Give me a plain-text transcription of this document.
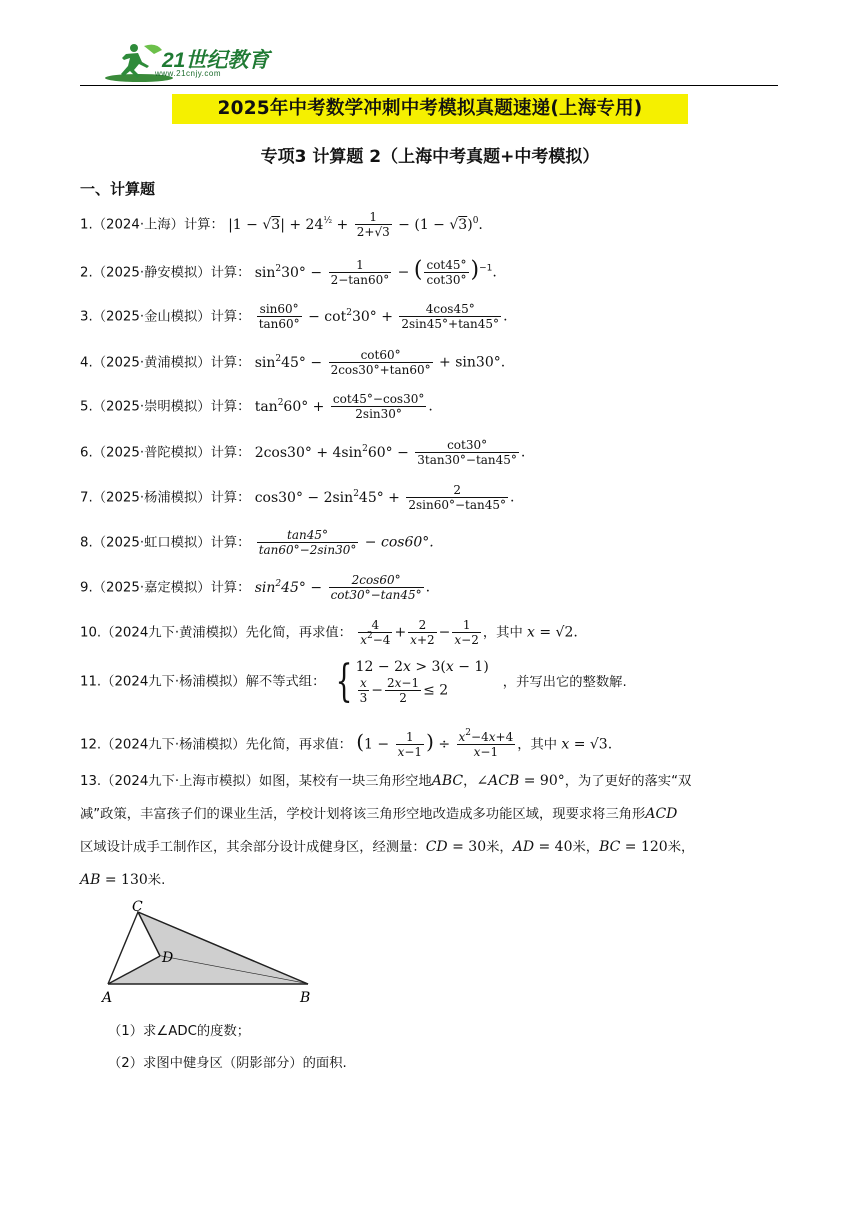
21世纪教育
www.21cnjy.com
2025年中考数学冲刺中考模拟真题速递(上海专用)
专项3 计算题 2（上海中考真题+中考模拟）
一、计算题
1.（2024·上海）计算： $|1 - √3| + 24^{\frac{1}{2}} + \frac{1}{2+√3} - (1 - √3)^0$.
2.（2025·静安模拟）计算： $\sin^230^\circ - \frac{1}{2-\tan 60^\circ}$ − ( $\frac{\cot 45^\circ}{\cot 30^\circ} )^{-1}$.
3.（2025·金山模拟）计算： $\frac{\sin 60^\circ}{\tan 60^\circ} - \cot^230^\circ + \frac{4\cos 45^\circ}{2\sin 45^\circ+\tan 45^\circ}$ .
4.（2025·黄浦模拟）计算： $\sin^245^\circ - \frac{\cot 60^\circ}{2\cos 30^\circ+\tan 60^\circ} + \sin 30^\circ$.
5.（2025·崇明模拟）计算： $\tan^260^\circ + \frac{\cot 45^\circ-\cos 30^\circ}{2\sin 30^\circ}$ .
6.（2025·普陀模拟）计算： $2\cos 30^\circ + 4\sin^260^\circ - \frac{\cot 30^\circ}{3\tan 30^\circ-\tan 45^\circ}$ .
7.（2025·杨浦模拟）计算： $\cos 30^\circ - 2\sin^245^\circ + \frac{2}{2\sin 60^\circ-\tan 45^\circ}$ .
8.（2025·虹口模拟）计算： $\frac{\tan 45^\circ}{\tan 60^\circ-2\sin 30^\circ} - \cos 60^\circ$.
9.（2025·嘉定模拟）计算： $\sin^245^\circ - \frac{2\cos 60^\circ}{\cot 30^\circ-\tan 45^\circ}$ .
10.（2024九下·黄浦模拟）先化简，再求值： $\frac{4}{x^2-4} + \frac{2}{x+2} - \frac{1}{x-2}$ ，其中 x = √2.
11.（2024九下·杨浦模拟）解不等式组： { 12 − 2x > 3(x − 1)
$\frac{x}{3} - \frac{2x-1}{2} \le 2$
，并写出它的整数解.
12.（2024九下·杨浦模拟）先化简，再求值： ($1 - \frac{1}{x-1}$ ) ÷ $\frac{x^2-4x+4}{x-1}$ ，其中 x = √3.
13.（2024九下·上海市模拟）如图，某校有一块三角形空地ABC，∠ACB = 90°，为了更好的落实“双
减”政策，丰富孩子们的课业生活，学校计划将该三角形空地改造成多功能区域，现要求将三角形ACD
区域设计成手工制作区，其余部分设计成健身区，经测量：CD = 30米，AD = 40米，BC = 120米，
AB = 130米.
C
D
A	B
（1）求∠ADC的度数；
（2）求图中健身区（阴影部分）的面积.
